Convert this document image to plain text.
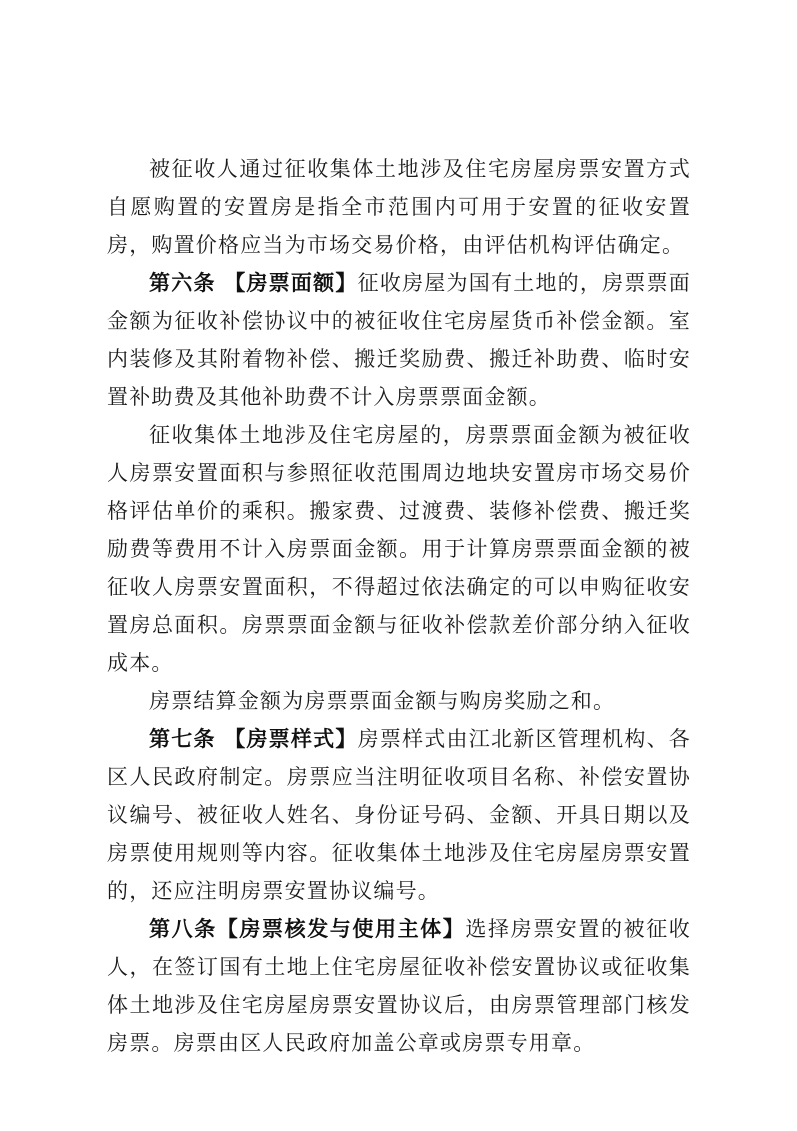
被征收人通过征收集体土地涉及住宅房屋房票安置方式自愿购置的安置房是指全市范围内可用于安置的征收安置房，购置价格应当为市场交易价格，由评估机构评估确定。

第六条 【房票面额】征收房屋为国有土地的，房票票面金额为征收补偿协议中的被征收住宅房屋货币补偿金额。室内装修及其附着物补偿、搬迁奖励费、搬迁补助费、临时安置补助费及其他补助费不计入房票票面金额。

征收集体土地涉及住宅房屋的，房票票面金额为被征收人房票安置面积与参照征收范围周边地块安置房市场交易价格评估单价的乘积。搬家费、过渡费、装修补偿费、搬迁奖励费等费用不计入房票面金额。用于计算房票票面金额的被征收人房票安置面积，不得超过依法确定的可以申购征收安置房总面积。房票票面金额与征收补偿款差价部分纳入征收成本。

房票结算金额为房票票面金额与购房奖励之和。

第七条 【房票样式】房票样式由江北新区管理机构、各区人民政府制定。房票应当注明征收项目名称、补偿安置协议编号、被征收人姓名、身份证号码、金额、开具日期以及房票使用规则等内容。征收集体土地涉及住宅房屋房票安置的，还应注明房票安置协议编号。

第八条【房票核发与使用主体】选择房票安置的被征收人，在签订国有土地上住宅房屋征收补偿安置协议或征收集体土地涉及住宅房屋房票安置协议后，由房票管理部门核发房票。房票由区人民政府加盖公章或房票专用章。
